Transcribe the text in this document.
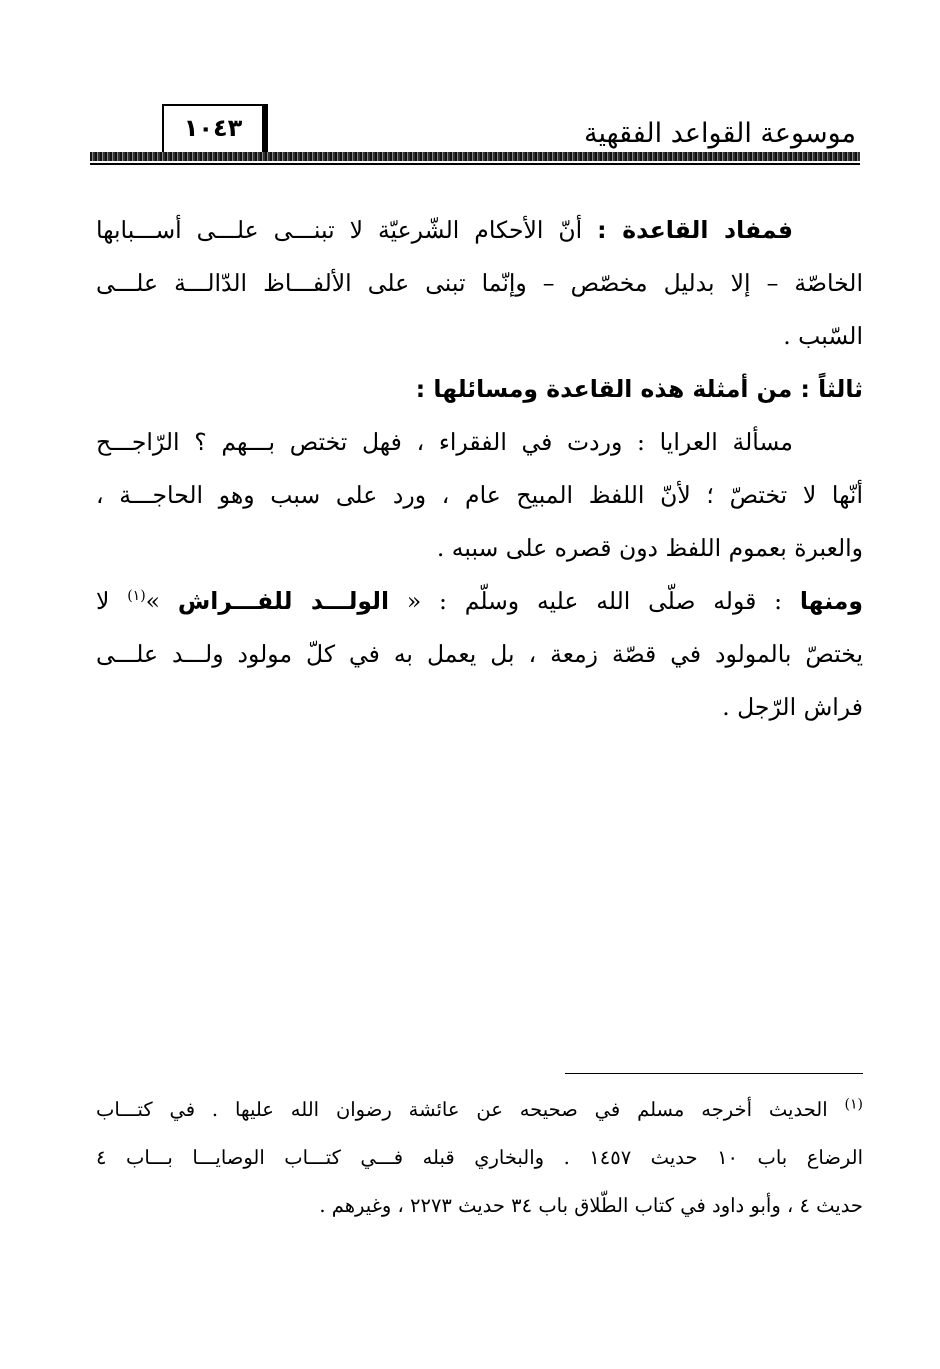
موسوعة القواعد الفقهية
١٠٤٣
فمفاد القاعدة : أنّ الأحكام الشّرعيّة لا تبنـــى علـــى أســـبابها
الخاصّة – إلا بدليل مخصّص – وإنّما تبنى على الألفـــاظ الدّالـــة علـــى
السّبب .
ثالثاً : من أمثلة هذه القاعدة ومسائلها :
مسألة العرايا : وردت في الفقراء ، فهل تختص بـــهم ؟ الرّاجـــح
أنّها لا تختصّ ؛ لأنّ اللفظ المبيح عام ، ورد على سبب وهو الحاجـــة ،
والعبرة بعموم اللفظ دون قصره على سببه .
ومنها : قوله صلّى الله عليه وسلّم : « الولـــد للفـــراش »$^{(١)}$ لا
يختصّ بالمولود في قصّة زمعة ، بل يعمل به في كلّ مولود ولـــد علـــى
فراش الرّجل .
$^{(١)}$ الحديث أخرجه مسلم في صحيحه عن عائشة رضوان الله عليها . في كتـــاب
الرضاع باب ١٠ حديث ١٤٥٧ . والبخاري قبله فـــي كتـــاب الوصايـــا بـــاب ٤
حديث ٤ ، وأبو داود في كتاب الطّلاق باب ٣٤ حديث ٢٢٧٣ ، وغيرهم .
